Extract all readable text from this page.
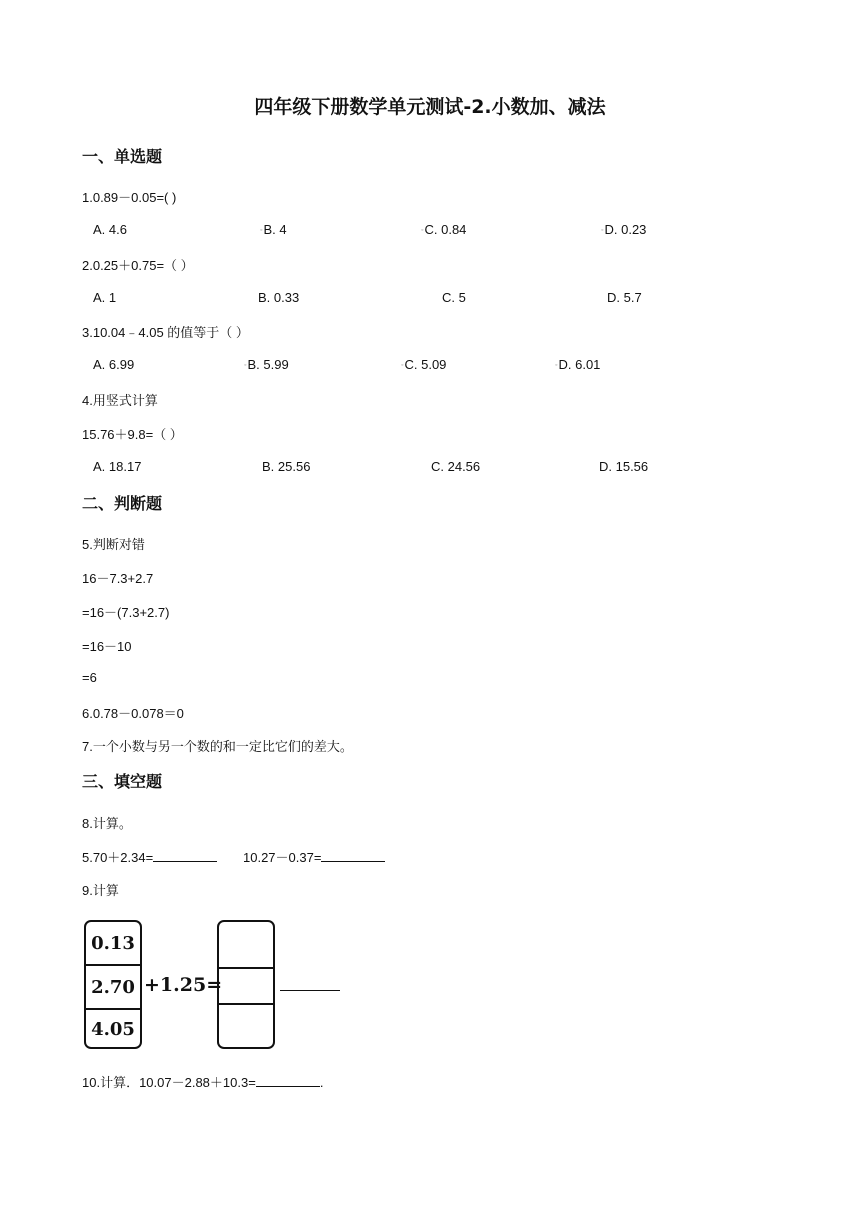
四年级下册数学单元测试-2.小数加、减法
一、单选题
1.0.89－0.05=( )
A. 4.6	◦B. 4	◦C. 0.84	◦D. 0.23
2.0.25＋0.75=（ ）
A. 1	B. 0.33	C. 5	D. 5.7
3.10.04﹣4.05 的值等于（ ）
A. 6.99	◦B. 5.99	◦C. 5.09	◦D. 6.01
4.用竖式计算
15.76＋9.8=（ ）
A. 18.17	B. 25.56	C. 24.56	D. 15.56
二、判断题
5.判断对错
16－7.3+2.7
=16－(7.3+2.7)
=16－10
=6
6.0.78－0.078＝0
7.一个小数与另一个数的和一定比它们的差大。
三、填空题
8.计算。
5.70＋2.34=	10.27－0.37=
9.计算
0.13
2.70
4.05
+1.25=
10.计算．10.07－2.88＋10.3=	.
